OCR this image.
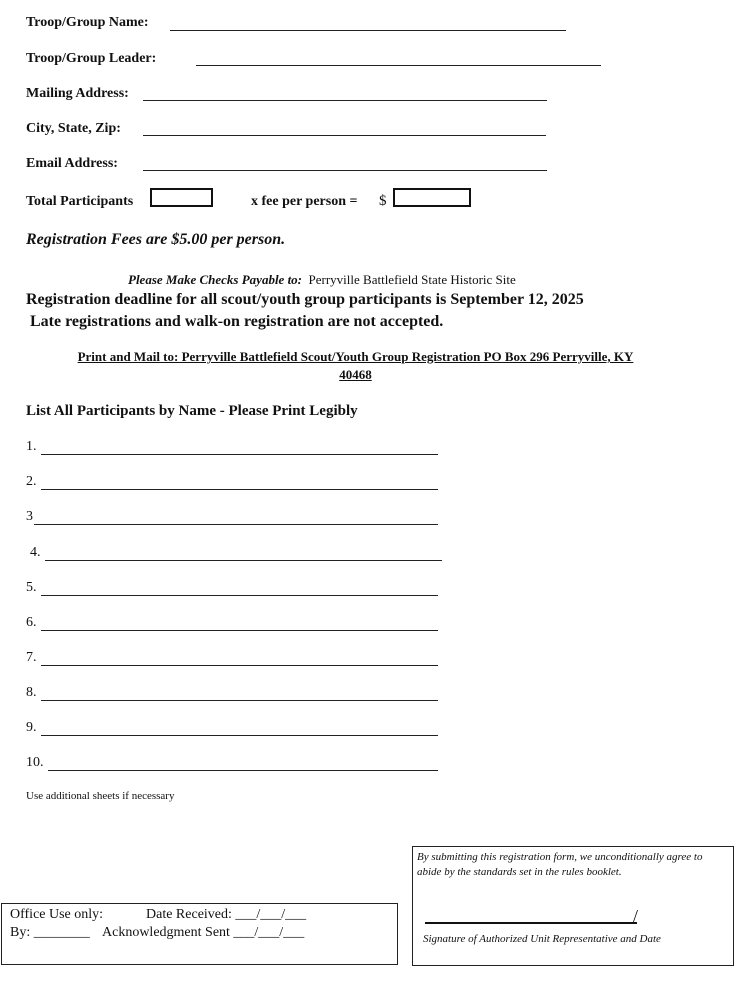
Troop/Group Name:
Troop/Group Leader:
Mailing Address:
City, State, Zip:
Email Address:
Total Participants	x fee per person = $
Registration Fees are $5.00 per person.
Please Make Checks Payable to: Perryville Battlefield State Historic Site
Registration deadline for all scout/youth group participants is September 12, 2025
Late registrations and walk-on registration are not accepted.
Print and Mail to: Perryville Battlefield Scout/Youth Group Registration PO Box 296 Perryville, KY
40468
List All Participants by Name - Please Print Legibly
1.
2.
3
4.
5.
6.
7.
8.
9.
10.
Use additional sheets if necessary
By submitting this registration form, we unconditionally agree to abide by the standards set in the rules booklet.
/
Signature of Authorized Unit Representative and Date
Office Use only:	Date Received: ___/___/___
By: ________ Acknowledgment Sent ___/___/___
